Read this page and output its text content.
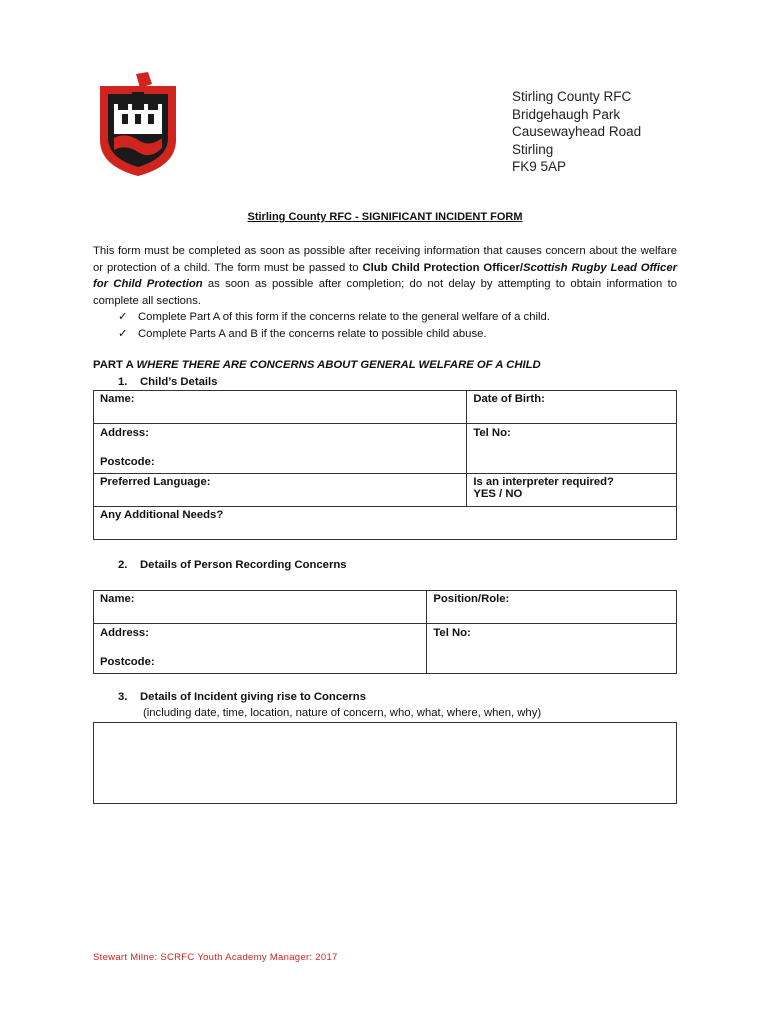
Stirling County RFC
Bridgehaugh Park
Causewayhead Road
Stirling
FK9 5AP
Stirling County RFC - SIGNIFICANT INCIDENT FORM
This form must be completed as soon as possible after receiving information that causes concern about the welfare or protection of a child. The form must be passed to Club Child Protection Officer/Scottish Rugby Lead Officer for Child Protection as soon as possible after completion; do not delay by attempting to obtain information to complete all sections.
✓ Complete Part A of this form if the concerns relate to the general welfare of a child.
✓ Complete Parts A and B if the concerns relate to possible child abuse.
PART A WHERE THERE ARE CONCERNS ABOUT GENERAL WELFARE OF A CHILD
1. Child’s Details
Name:	Date of Birth:

Address:
Postcode:	Tel No:

Preferred Language:	Is an interpreter required?
YES / NO

Any Additional Needs?	
2. Details of Person Recording Concerns
Name:	Position/Role:

Address:
Postcode:	Tel No:
3. Details of Incident giving rise to Concerns
(including date, time, location, nature of concern, who, what, where, when, why)
Stewart Milne: SCRFC Youth Academy Manager: 2017
